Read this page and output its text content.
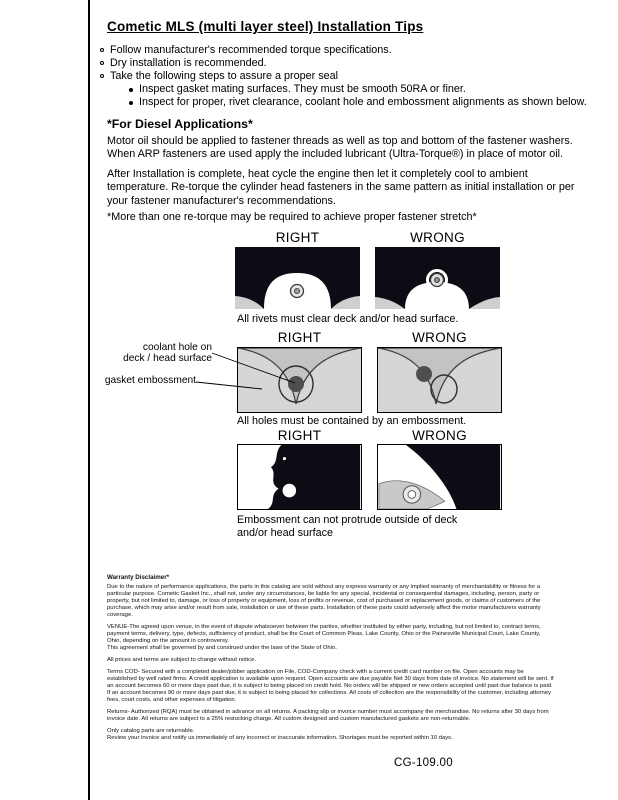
Cometic MLS (multi layer steel) Installation Tips
Follow manufacturer's recommended torque specifications.
Dry installation is recommended.
Take the following steps to assure a proper seal
Inspect gasket mating surfaces. They must be smooth 50RA or finer.
Inspect for proper, rivet clearance, coolant hole and embossment alignments as shown below.
*For Diesel Applications*

Motor oil should be applied to fastener threads as well as top and bottom of the fastener washers. When ARP fasteners are used apply the included lubricant (Ultra-Torque®) in place of motor oil.

After Installation is complete, heat cycle the engine then let it completely cool to ambient temperature. Re-torque the cylinder head fasteners in the same pattern as initial installation or per your fastener manufacturer's recommendations.

*More than one re-torque may be required to achieve proper fastener stretch*

RIGHT	WRONG
All rivets must clear deck and/or head surface.
RIGHT	WRONG
coolant hole on
deck / head surface
gasket embossment
All holes must be contained by an embossment.
RIGHT	WRONG
Embossment can not protrude outside of deck
and/or head surface
Warranty Disclaimer*

Due to the nature of performance applications, the parts in this catalog are sold without any express warranty or any implied warranty of merchantability or fitness for a particular purpose. Cometic Gasket Inc., shall not, under any circumstances, be liable for any special, incidental or consequential damages, including, person, party or property, but not limited to, damage, or loss of property or equipment, loss of profits or revenue, cost of purchased or replacement goods, or claims of customers of the purchase, which may arise and/or result from sale, installation or use of these parts. Installation of these parts could adversely affect the motor manufacturers warranty coverage.

VENUE-The agreed upon venue, in the event of dispute whatsoever between the parties, whether instituted by either party, including, but not limited to, contract terms, payment terms, delivery, type, defects, sufficiency of product, shall be the Court of Common Pleas, Lake County, Ohio or the Painesville Municipal Court, Lake County, Ohio, depending on the amount in controversy.

This agreement shall be governed by and construed under the laws of the State of Ohio.

All prices and terms are subject to change without notice.

Terms COD- Secured with a completed dealer/jobber application on File, COD-Company check with a current credit card number on file. Open accounts may be established by well rated firms. A credit application is available upon request. Open accounts are due payable Net 30 days from date of invoice. No statement will be sent. If an account becomes 60 or more days past due, it is subject to being placed on credit hold. No orders will be shipped or new orders accepted until past due balance is paid. If an account becomes 90 or more days past due, it is subject to being placed for collections. All costs of collection are the responsibility of the customer, including attorney fees, court costs, and other expenses of litigation.

Returns- Authorized (RQA) must be obtained in advance on all returns. A packing slip or invoice number must accompany the merchandise. No returns after 30 days from invoice date. All returns are subject to a 25% restocking charge. All custom designed and custom manufactured gaskets are non-returnable.

Only catalog parts are returnable.

Review your invoice and notify us immediately of any incorrect or inaccurate information. Shortages must be reported within 10 days.

CG-109.00
